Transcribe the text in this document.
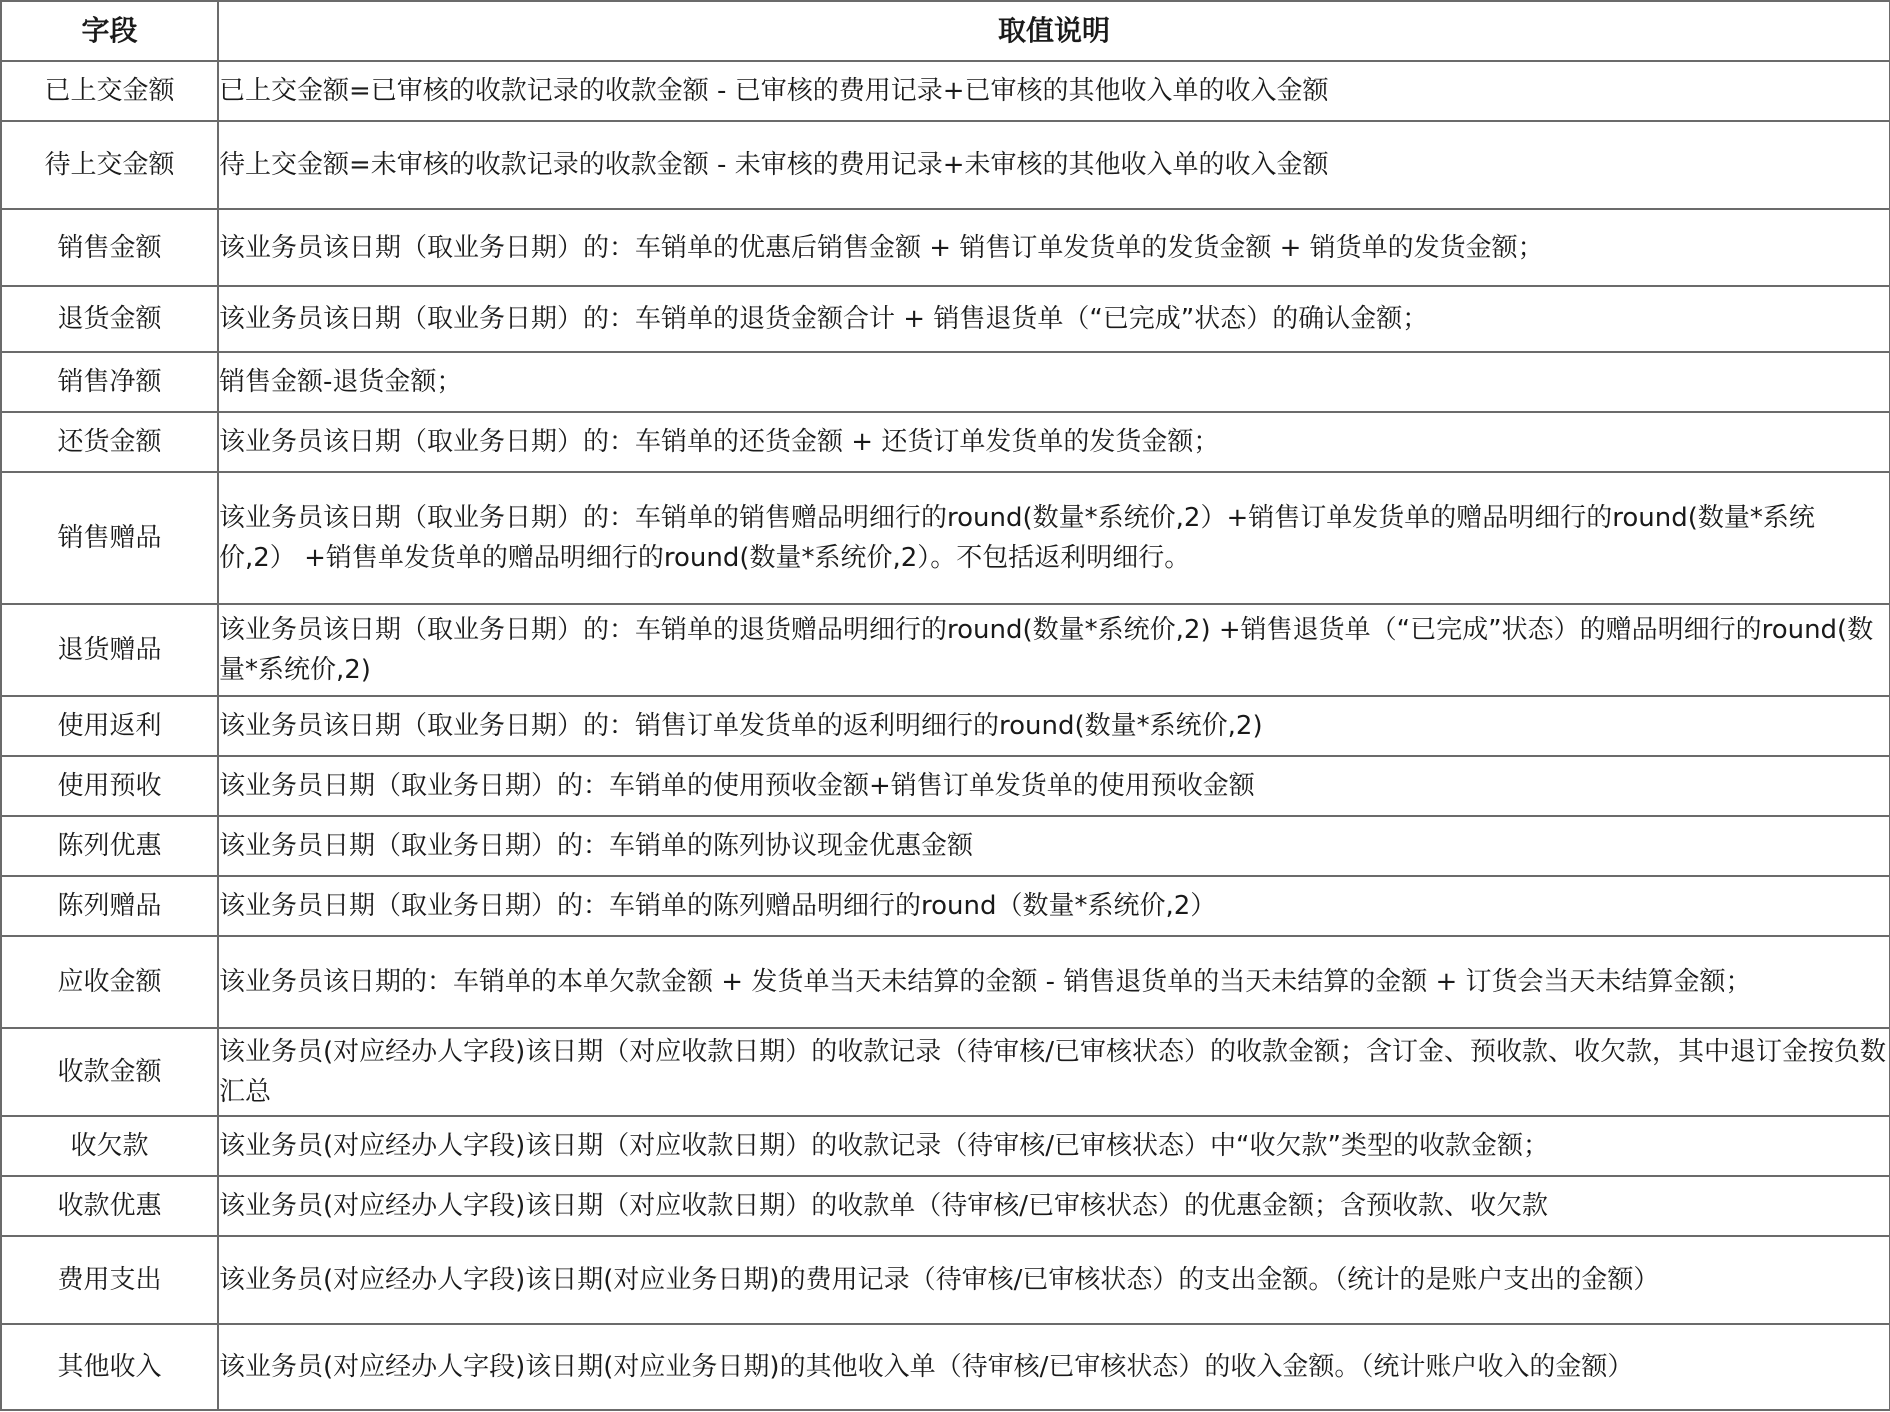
字段	取值说明
已上交金额	已上交金额=已审核的收款记录的收款金额 - 已审核的费用记录+已审核的其他收入单的收入金额
待上交金额	待上交金额=未审核的收款记录的收款金额 - 未审核的费用记录+未审核的其他收入单的收入金额
销售金额	该业务员该日期（取业务日期）的：车销单的优惠后销售金额 + 销售订单发货单的发货金额 + 销货单的发货金额；
退货金额	该业务员该日期（取业务日期）的：车销单的退货金额合计 + 销售退货单（“已完成”状态）的确认金额；
销售净额	销售金额-退货金额；
还货金额	该业务员该日期（取业务日期）的：车销单的还货金额 + 还货订单发货单的发货金额；
销售赠品	该业务员该日期（取业务日期）的：车销单的销售赠品明细行的round(数量*系统价,2）+销售订单发货单的赠品明细行的round(数量*系统价,2） +销售单发货单的赠品明细行的round(数量*系统价,2）。不包括返利明细行。
退货赠品	该业务员该日期（取业务日期）的：车销单的退货赠品明细行的round(数量*系统价,2) +销售退货单（“已完成”状态）的赠品明细行的round(数量*系统价,2)
使用返利	该业务员该日期（取业务日期）的：销售订单发货单的返利明细行的round(数量*系统价,2)
使用预收	该业务员日期（取业务日期）的：车销单的使用预收金额+销售订单发货单的使用预收金额
陈列优惠	该业务员日期（取业务日期）的：车销单的陈列协议现金优惠金额
陈列赠品	该业务员日期（取业务日期）的：车销单的陈列赠品明细行的round（数量*系统价,2）
应收金额	该业务员该日期的：车销单的本单欠款金额 + 发货单当天未结算的金额 - 销售退货单的当天未结算的金额 + 订货会当天未结算金额；
收款金额	该业务员(对应经办人字段)该日期（对应收款日期）的收款记录（待审核/已审核状态）的收款金额；含订金、预收款、收欠款，其中退订金按负数汇总
收欠款	该业务员(对应经办人字段)该日期（对应收款日期）的收款记录（待审核/已审核状态）中“收欠款”类型的收款金额；
收款优惠	该业务员(对应经办人字段)该日期（对应收款日期）的收款单（待审核/已审核状态）的优惠金额；含预收款、收欠款
费用支出	该业务员(对应经办人字段)该日期(对应业务日期)的费用记录（待审核/已审核状态）的支出金额。（统计的是账户支出的金额）
其他收入	该业务员(对应经办人字段)该日期(对应业务日期)的其他收入单（待审核/已审核状态）的收入金额。（统计账户收入的金额）
